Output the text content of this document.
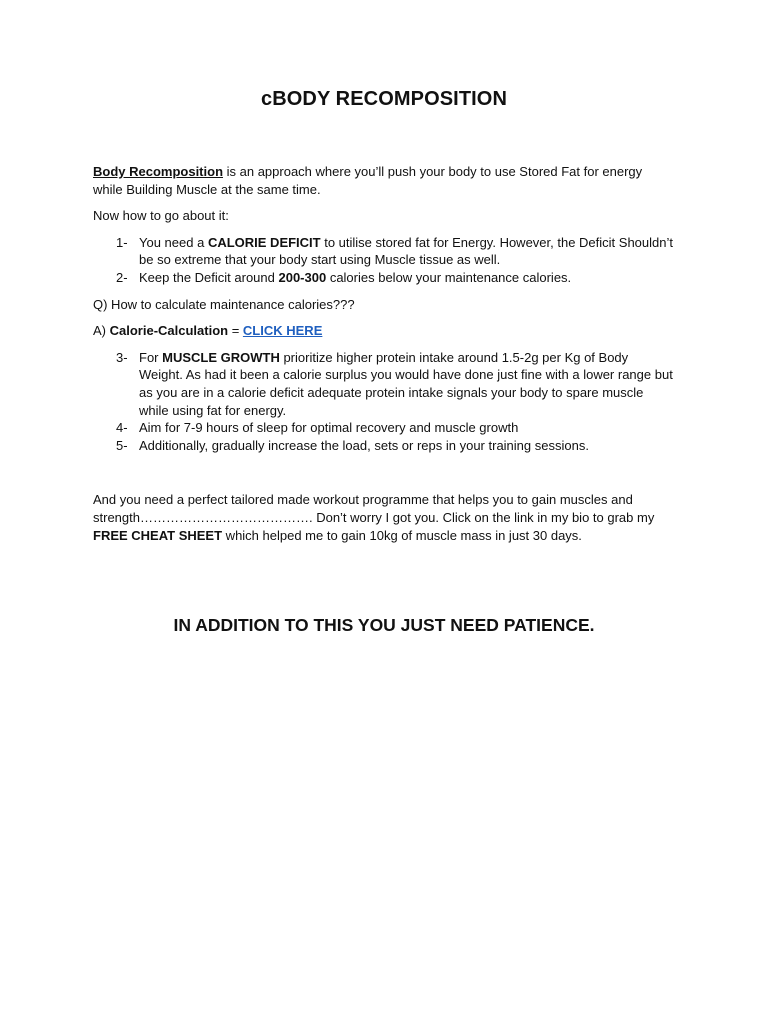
cBODY RECOMPOSITION

Body Recomposition is an approach where you’ll push your body to use Stored Fat for energy while Building Muscle at the same time.

Now how to go about it:

1- You need a CALORIE DEFICIT to utilise stored fat for Energy. However, the Deficit Shouldn’t be so extreme that your body start using Muscle tissue as well.
2- Keep the Deficit around 200-300 calories below your maintenance calories.

Q) How to calculate maintenance calories???

A) Calorie-Calculation = CLICK HERE

3- For MUSCLE GROWTH prioritize higher protein intake around 1.5-2g per Kg of Body Weight. As had it been a calorie surplus you would have done just fine with a lower range but as you are in a calorie deficit adequate protein intake signals your body to spare muscle while using fat for energy.
4- Aim for 7-9 hours of sleep for optimal recovery and muscle growth
5- Additionally, gradually increase the load, sets or reps in your training sessions.

And you need a perfect tailored made workout programme that helps you to gain muscles and strength…………………………………. Don’t worry I got you. Click on the link in my bio to grab my FREE CHEAT SHEET which helped me to gain 10kg of muscle mass in just 30 days.

IN ADDITION TO THIS YOU JUST NEED PATIENCE.
